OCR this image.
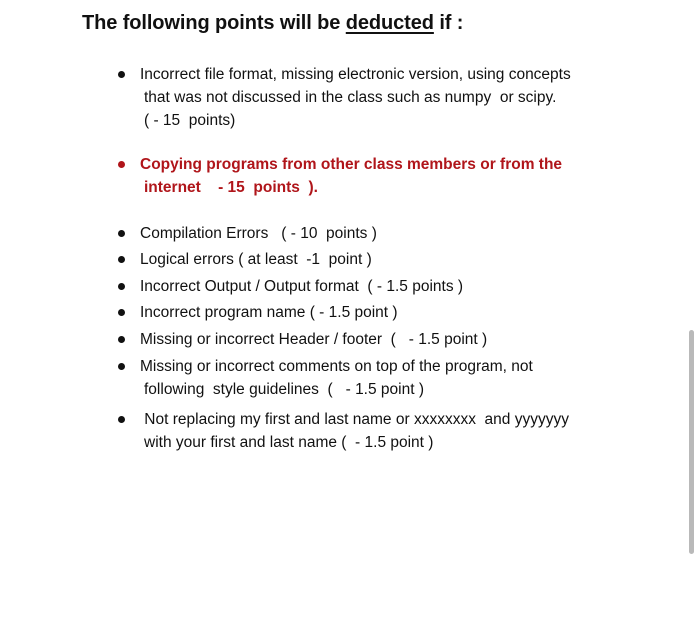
The following points will be deducted if :
Incorrect file format, missing electronic version, using concepts
that was not discussed in the class such as numpy  or scipy.
( - 15  points)
Copying programs from other class members or from the
internet    - 15  points  ).
Compilation Errors   ( - 10  points )
Logical errors ( at least  -1  point )
Incorrect Output / Output format  ( - 1.5 points )
Incorrect program name ( - 1.5 point )
Missing or incorrect Header / footer  (   - 1.5 point )
Missing or incorrect comments on top of the program, not
following  style guidelines  (   - 1.5 point )
Not replacing my first and last name or xxxxxxxx  and yyyyyyy
with your first and last name (  - 1.5 point )
